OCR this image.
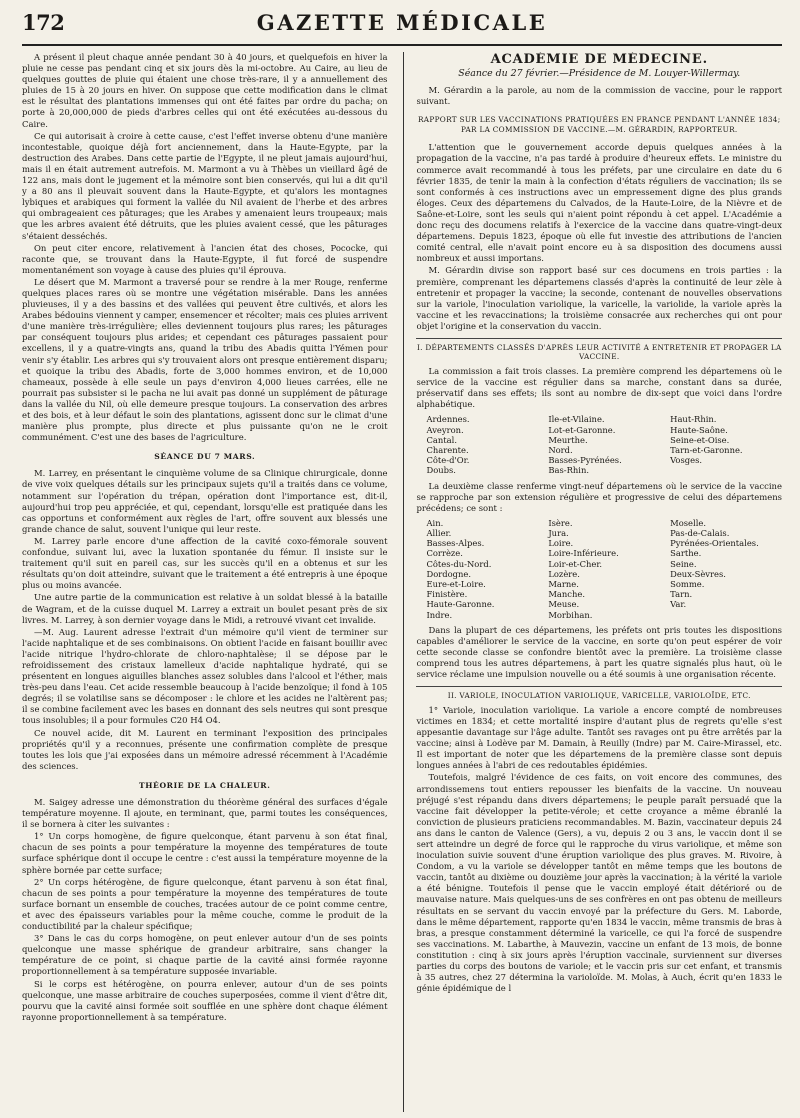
172	GAZETTE MÉDICALE

A présent il pleut chaque année pendant 30 à 40 jours, et quelquefois en hiver la pluie ne cesse pas pendant cinq et six jours dès la mi-octobre. Au Caire, au lieu de quelques gouttes de pluie qui étaient une chose très-rare, il y a annuellement des pluies de 15 à 20 jours en hiver. On suppose que cette modification dans le climat est le résultat des plantations immenses qui ont été faites par ordre du pacha; on porte à 20,000,000 de pieds d'arbres celles qui ont été exécutées au-dessous du Caire.

Ce qui autorisait à croire à cette cause, c'est l'effet inverse obtenu d'une manière incontestable, quoique déjà fort anciennement, dans la Haute-Egypte, par la destruction des Arabes. Dans cette partie de l'Egypte, il ne pleut jamais aujourd'hui, mais il en était autrement autrefois. M. Marmont a vu à Thèbes un vieillard âgé de 122 ans, mais dont le jugement et la mémoire sont bien conservés, qui lui a dit qu'il y a 80 ans il pleuvait souvent dans la Haute-Egypte, et qu'alors les montagnes lybiques et arabiques qui forment la vallée du Nil avaient de l'herbe et des arbres qui ombrageaient ces pâturages; que les Arabes y amenaient leurs troupeaux; mais que les arbres avaient été détruits, que les pluies avaient cessé, que les pâturages s'étaient desséchés.

On peut citer encore, relativement à l'ancien état des choses, Pococke, qui raconte que, se trouvant dans la Haute-Egypte, il fut forcé de suspendre momentanément son voyage à cause des pluies qu'il éprouva.

Le désert que M. Marmont a traversé pour se rendre à la mer Rouge, renferme quelques places rares où se montre une végétation misérable. Dans les années pluvieuses, il y a des bassins et des vallées qui peuvent être cultivés, et alors les Arabes bédouins viennent y camper, ensemencer et récolter; mais ces pluies arrivent d'une manière très-irrégulière; elles deviennent toujours plus rares; les pâturages par conséquent toujours plus arides; et cependant ces pâturages passaient pour excellens, il y a quatre-vingts ans, quand la tribu des Abadis quitta l'Yémen pour venir s'y établir. Les arbres qui s'y trouvaient alors ont presque entièrement disparu; et quoique la tribu des Abadis, forte de 3,000 hommes environ, et de 10,000 chameaux, possède à elle seule un pays d'environ 4,000 lieues carrées, elle ne pourrait pas subsister si le pacha ne lui avait pas donné un supplément de pâturage dans la vallée du Nil, où elle demeure presque toujours. La conservation des arbres et des bois, et à leur défaut le soin des plantations, agissent donc sur le climat d'une manière plus prompte, plus directe et plus puissante qu'on ne le croit communément. C'est une des bases de l'agriculture.

SÉANCE DU 7 MARS.

M. Larrey, en présentant le cinquième volume de sa Clinique chirurgicale, donne de vive voix quelques détails sur les principaux sujets qu'il a traités dans ce volume, notamment sur l'opération du trépan, opération dont l'importance est, dit-il, aujourd'hui trop peu appréciée, et qui, cependant, lorsqu'elle est pratiquée dans les cas opportuns et conformément aux règles de l'art, offre souvent aux blessés une grande chance de salut, souvent l'unique qui leur reste.

M. Larrey parle encore d'une affection de la cavité coxo-fémorale souvent confondue, suivant lui, avec la luxation spontanée du fémur. Il insiste sur le traitement qu'il suit en pareil cas, sur les succès qu'il en a obtenus et sur les résultats qu'on doit atteindre, suivant que le traitement a été entrepris à une époque plus ou moins avancée.

Une autre partie de la communication est relative à un soldat blessé à la bataille de Wagram, et de la cuisse duquel M. Larrey a extrait un boulet pesant près de six livres. M. Larrey, à son dernier voyage dans le Midi, a retrouvé vivant cet invalide.

—M. Aug. Laurent adresse l'extrait d'un mémoire qu'il vient de terminer sur l'acide naphtalique et de ses combinaisons. On obtient l'acide en faisant bouillir avec l'acide nitrique l'hydro-chlorate de chloro-naphtalèse; il se dépose par le refroidissement des cristaux lamelleux d'acide naphtalique hydraté, qui se présentent en longues aiguilles blanches assez solubles dans l'alcool et l'éther, mais très-peu dans l'eau. Cet acide ressemble beaucoup à l'acide benzoïque; il fond à 105 degrés; il se volatilise sans se décomposer : le chlore et les acides ne l'altèrent pas; il se combine facilement avec les bases en donnant des sels neutres qui sont presque tous insolubles; il a pour formules C20 H4 O4.

Ce nouvel acide, dit M. Laurent en terminant l'exposition des principales propriétés qu'il y a reconnues, présente une confirmation complète de presque toutes les lois que j'ai exposées dans un mémoire adressé récemment à l'Académie des sciences.

THÉORIE DE LA CHALEUR.

M. Saigey adresse une démonstration du théorème général des surfaces d'égale température moyenne. Il ajoute, en terminant, que, parmi toutes les conséquences, il se bornera à citer les suivantes :

1° Un corps homogène, de figure quelconque, étant parvenu à son état final, chacun de ses points a pour température la moyenne des températures de toute surface sphérique dont il occupe le centre : c'est aussi la température moyenne de la sphère bornée par cette surface;

2° Un corps hétérogène, de figure quelconque, étant parvenu à son état final, chacun de ses points a pour température la moyenne des températures de toute surface bornant un ensemble de couches, tracées autour de ce point comme centre, et avec des épaisseurs variables pour la même couche, comme le produit de la conductibilité par la chaleur spécifique;

3° Dans le cas du corps homogène, on peut enlever autour d'un de ses points quelconque une masse sphérique de grandeur arbitraire, sans changer la température de ce point, si chaque partie de la cavité ainsi formée rayonne proportionnellement à sa température supposée invariable.

Si le corps est hétérogène, on pourra enlever, autour d'un de ses points quelconque, une masse arbitraire de couches superposées, comme il vient d'être dit, pourvu que la cavité ainsi formée soit soufflée en une sphère dont chaque élément rayonne proportionnellement à sa température.

ACADÉMIE DE MÉDECINE.
Séance du 27 février.—Présidence de M. Louyer-Willermay.

M. Gérardin a la parole, au nom de la commission de vaccine, pour le rapport suivant.

RAPPORT SUR LES VACCINATIONS PRATIQUÉES EN FRANCE PENDANT L'ANNÉE 1834; PAR LA COMMISSION DE VACCINE.—M. GÉRARDIN, RAPPORTEUR.

L'attention que le gouvernement accorde depuis quelques années à la propagation de la vaccine, n'a pas tardé à produire d'heureux effets. Le ministre du commerce avait recommandé à tous les préfets, par une circulaire en date du 6 février 1835, de tenir la main à la confection d'états réguliers de vaccination; ils se sont conformés à ces instructions avec un empressement digne des plus grands éloges. Ceux des départemens du Calvados, de la Haute-Loire, de la Nièvre et de Saône-et-Loire, sont les seuls qui n'aient point répondu à cet appel. L'Académie a donc reçu des documens relatifs à l'exercice de la vaccine dans quatre-vingt-deux départemens. Depuis 1823, époque où elle fut investie des attributions de l'ancien comité central, elle n'avait point encore eu à sa disposition des documens aussi nombreux et aussi importans.

M. Gérardin divise son rapport basé sur ces documens en trois parties : la première, comprenant les départemens classés d'après la continuité de leur zèle à entretenir et propager la vaccine; la seconde, contenant de nouvelles observations sur la variole, l'inoculation variolique, la varicelle, la variolide, la variole après la vaccine et les revaccinations; la troisième consacrée aux recherches qui ont pour objet l'origine et la conservation du vaccin.

I. DÉPARTEMENTS CLASSÉS D'APRÈS LEUR ACTIVITÉ A ENTRETENIR ET PROPAGER LA VACCINE.

La commission a fait trois classes. La première comprend les départemens où le service de la vaccine est régulier dans sa marche, constant dans sa durée, préservatif dans ses effets; ils sont au nombre de dix-sept que voici dans l'ordre alphabétique.

Ardennes.	Ile-et-Vilaine.	Haut-Rhin.
Aveyron.	Lot-et-Garonne.	Haute-Saône.
Cantal.	Meurthe.	Seine-et-Oise.
Charente.	Nord.	Tarn-et-Garonne.
Côte-d'Or.	Basses-Pyrénées.	Vosges.
Doubs.	Bas-Rhin.	

La deuxième classe renferme vingt-neuf départemens où le service de la vaccine se rapproche par son extension régulière et progressive de celui des départemens précédens; ce sont :

Ain.	Isère.	Moselle.
Allier.	Jura.	Pas-de-Calais.
Basses-Alpes.	Loire.	Pyrénées-Orientales.
Corrèze.	Loire-Inférieure.	Sarthe.
Côtes-du-Nord.	Loir-et-Cher.	Seine.
Dordogne.	Lozère.	Deux-Sèvres.
Eure-et-Loire.	Marne.	Somme.
Finistère.	Manche.	Tarn.
Haute-Garonne.	Meuse.	Var.
Indre.	Morbihan.	

Dans la plupart de ces départemens, les préfets ont pris toutes les dispositions capables d'améliorer le service de la vaccine, en sorte qu'on peut espérer de voir cette seconde classe se confondre bientôt avec la première. La troisième classe comprend tous les autres départemens, à part les quatre signalés plus haut, où le service réclame une impulsion nouvelle ou a été soumis à une organisation récente.

II. VARIOLE, INOCULATION VARIOLIQUE, VARICELLE, VARIOLOÏDE, ETC.

1° Variole, inoculation variolique. La variole a encore compté de nombreuses victimes en 1834; et cette mortalité inspire d'autant plus de regrets qu'elle s'est appesantie davantage sur l'âge adulte. Tantôt ses ravages ont pu être arrêtés par la vaccine; ainsi à Lodève par M. Damain, à Reuilly (Indre) par M. Caire-Mirassel, etc. Il est important de noter que les départemens de la première classe sont depuis longues années à l'abri de ces redoutables épidémies.

Toutefois, malgré l'évidence de ces faits, on voit encore des communes, des arrondissemens tout entiers repousser les bienfaits de la vaccine. Un nouveau préjugé s'est répandu dans divers départemens; le peuple paraît persuadé que la vaccine fait développer la petite-vérole; et cette croyance a même ébranlé la conviction de plusieurs praticiens recommandables. M. Bazin, vaccinateur depuis 24 ans dans le canton de Valence (Gers), a vu, depuis 2 ou 3 ans, le vaccin dont il se sert atteindre un degré de force qui le rapproche du virus variolique, et même son inoculation suivie souvent d'une éruption variolique des plus graves. M. Rivoire, à Condom, a vu la variole se développer tantôt en même temps que les boutons de vaccin, tantôt au dixième ou douzième jour après la vaccination; à la vérité la variole a été bénigne. Toutefois il pense que le vaccin employé était détérioré ou de mauvaise nature. Mais quelques-uns de ses confrères en ont pas obtenu de meilleurs résultats en se servant du vaccin envoyé par la préfecture du Gers. M. Laborde, dans le même département, rapporte qu'en 1834 le vaccin, même transmis de bras à bras, a presque constamment déterminé la varicelle, ce qui l'a forcé de suspendre ses vaccinations. M. Labarthe, à Mauvezin, vaccine un enfant de 13 mois, de bonne constitution : cinq à six jours après l'éruption vaccinale, surviennent sur diverses parties du corps des boutons de variole; et le vaccin pris sur cet enfant, et transmis à 35 autres, chez 27 détermina la varioloïde. M. Molas, à Auch, écrit qu'en 1833 le génie épidémique de l
